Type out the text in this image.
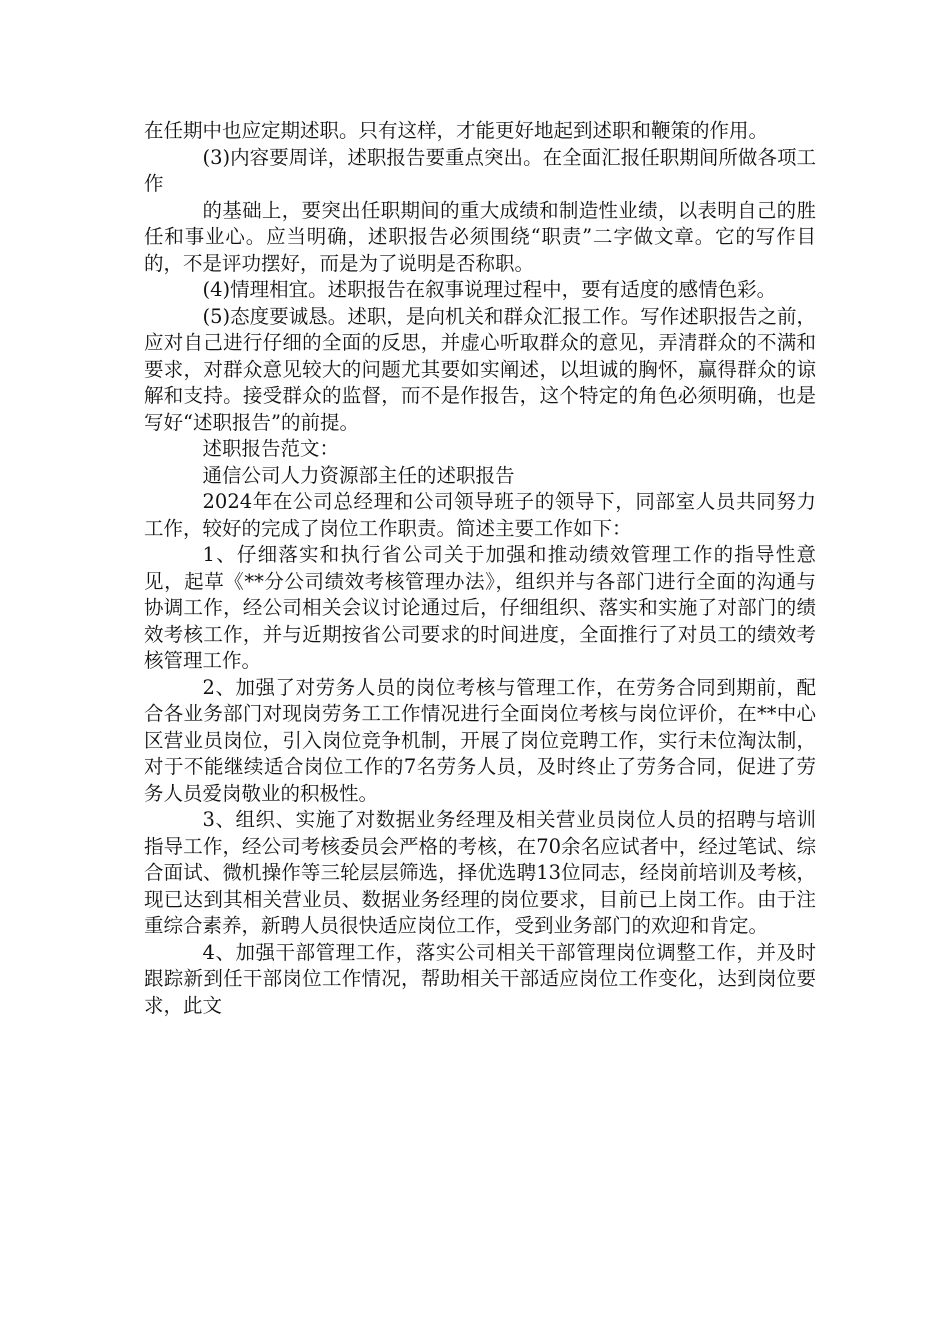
在任期中也应定期述职。只有这样，才能更好地起到述职和鞭策的作用。

(3)内容要周详，述职报告要重点突出。在全面汇报任职期间所做各项工作

的基础上，要突出任职期间的重大成绩和制造性业绩，以表明自己的胜任和事业心。应当明确，述职报告必须围绕“职责”二字做文章。它的写作目的，不是评功摆好，而是为了说明是否称职。

(4)情理相宜。述职报告在叙事说理过程中，要有适度的感情色彩。

(5)态度要诚恳。述职，是向机关和群众汇报工作。写作述职报告之前，应对自己进行仔细的全面的反思，并虚心听取群众的意见，弄清群众的不满和要求，对群众意见较大的问题尤其要如实阐述，以坦诚的胸怀，赢得群众的谅解和支持。接受群众的监督，而不是作报告，这个特定的角色必须明确，也是写好“述职报告”的前提。

述职报告范文：

通信公司人力资源部主任的述职报告

2024年在公司总经理和公司领导班子的领导下，同部室人员共同努力工作，较好的完成了岗位工作职责。简述主要工作如下：

1、仔细落实和执行省公司关于加强和推动绩效管理工作的指导性意见，起草《**分公司绩效考核管理办法》，组织并与各部门进行全面的沟通与协调工作，经公司相关会议讨论通过后，仔细组织、落实和实施了对部门的绩效考核工作，并与近期按省公司要求的时间进度，全面推行了对员工的绩效考核管理工作。

2、加强了对劳务人员的岗位考核与管理工作，在劳务合同到期前，配合各业务部门对现岗劳务工工作情况进行全面岗位考核与岗位评价，在**中心区营业员岗位，引入岗位竞争机制，开展了岗位竞聘工作，实行未位淘汰制，对于不能继续适合岗位工作的7名劳务人员，及时终止了劳务合同，促进了劳务人员爱岗敬业的积极性。

3、组织、实施了对数据业务经理及相关营业员岗位人员的招聘与培训指导工作，经公司考核委员会严格的考核，在70余名应试者中，经过笔试、综合面试、微机操作等三轮层层筛选，择优选聘13位同志，经岗前培训及考核，现已达到其相关营业员、数据业务经理的岗位要求，目前已上岗工作。由于注重综合素养，新聘人员很快适应岗位工作，受到业务部门的欢迎和肯定。

4、加强干部管理工作，落实公司相关干部管理岗位调整工作，并及时跟踪新到任干部岗位工作情况，帮助相关干部适应岗位工作变化，达到岗位要求，此文
